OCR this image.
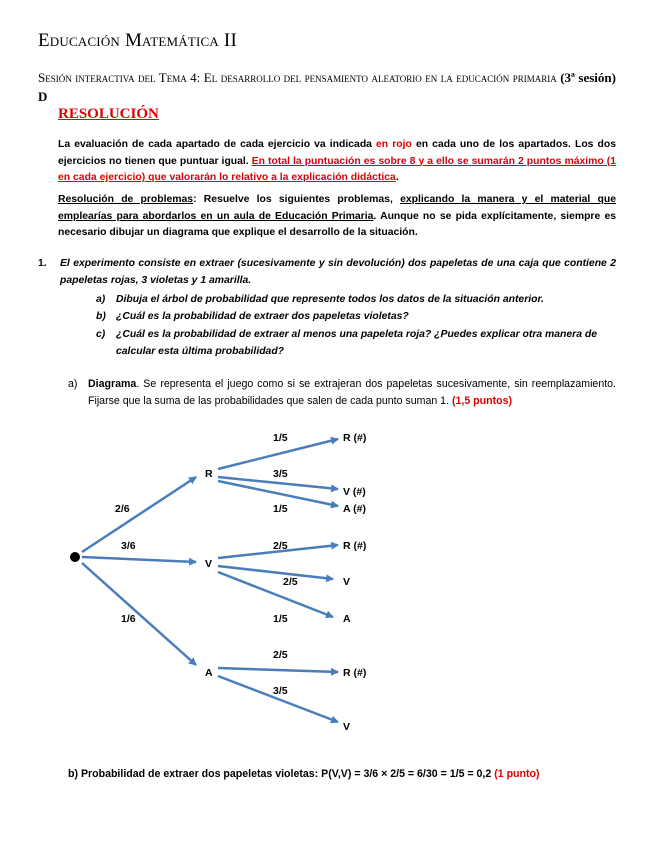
Educación Matemática II
Sesión interactiva del Tema 4: El desarrollo del pensamiento aleatorio en la educación primaria (3ª sesión) D
RESOLUCIÓN
La evaluación de cada apartado de cada ejercicio va indicada en rojo en cada uno de los apartados. Los dos ejercicios no tienen que puntuar igual. En total la puntuación es sobre 8 y a ello se sumarán 2 puntos máximo (1 en cada ejercicio) que valorarán lo relativo a la explicación didáctica.
Resolución de problemas: Resuelve los siguientes problemas, explicando la manera y el material que emplearías para abordarlos en un aula de Educación Primaria. Aunque no se pida explícitamente, siempre es necesario dibujar un diagrama que explique el desarrollo de la situación.
1. El experimento consiste en extraer (sucesivamente y sin devolución) dos papeletas de una caja que contiene 2 papeletas rojas, 3 violetas y 1 amarilla.
a) Dibuja el árbol de probabilidad que represente todos los datos de la situación anterior.
b) ¿Cuál es la probabilidad de extraer dos papeletas violetas?
c) ¿Cuál es la probabilidad de extraer al menos una papeleta roja? ¿Puedes explicar otra manera de calcular esta última probabilidad?
a) Diagrama. Se representa el juego como si se extrajeran dos papeletas sucesivamente, sin reemplazamiento. Fijarse que la suma de las probabilidades que salen de cada punto suman 1. (1,5 puntos)
2/6
3/6
1/6
R
V
A
1/5
3/5
1/5
R (#)
V (#)
A (#)
2/5
2/5
1/5
R (#)
V
A
2/5
3/5
R (#)
V
b) Probabilidad de extraer dos papeletas violetas: P(V,V) = 3/6 × 2/5 = 6/30 = 1/5 = 0,2 (1 punto)
